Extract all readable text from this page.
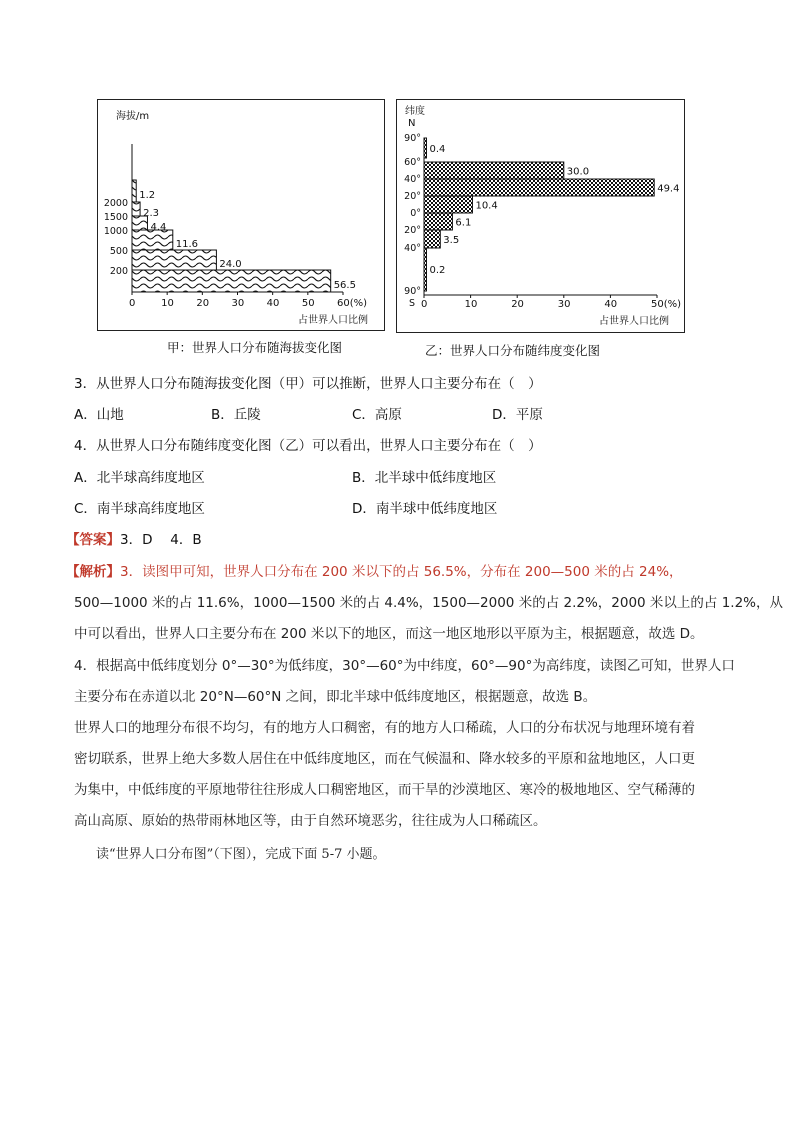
海拔/m
占世界人口比例
56.5
24.0
11.6
4.4
2.3
1.2
0	10 20 30 40 50 60(%)
200
500
1000
1500
2000
甲：世界人口分布随海拔变化图
纬度
N
占世界人口比例
S
0.4
30.0
49.4
10.4
6.1
3.5
0.2
0	10	20	30	40	50(%)
90°
60°
40°
20°
0°
20°
40°
90°
乙：世界人口分布随纬度变化图
3．从世界人口分布随海拔变化图（甲）可以推断，世界人口主要分布在（　）
A．山地	B．丘陵	C．高原	D．平原
4．从世界人口分布随纬度变化图（乙）可以看出，世界人口主要分布在（　）
A．北半球高纬度地区	B．北半球中低纬度地区
C．南半球高纬度地区	D．南半球中低纬度地区
【答案】3．D　 4．B
【解析】3．读图甲可知，世界人口分布在 200 米以下的占 56.5%，分布在 200—500 米的占 24%，
500—1000 米的占 11.6%，1000—1500 米的占 4.4%，1500—2000 米的占 2.2%，2000 米以上的占 1.2%，从
中可以看出，世界人口主要分布在 200 米以下的地区，而这一地区地形以平原为主，根据题意，故选 D。
4．根据高中低纬度划分 0°—30°为低纬度，30°—60°为中纬度，60°—90°为高纬度，读图乙可知，世界人口
主要分布在赤道以北 20°N—60°N 之间，即北半球中低纬度地区，根据题意，故选 B。
世界人口的地理分布很不均匀，有的地方人口稠密，有的地方人口稀疏，人口的分布状况与地理环境有着
密切联系，世界上绝大多数人居住在中低纬度地区，而在气候温和、降水较多的平原和盆地地区，人口更
为集中，中低纬度的平原地带往往形成人口稠密地区，而干旱的沙漠地区、寒冷的极地地区、空气稀薄的
高山高原、原始的热带雨林地区等，由于自然环境恶劣，往往成为人口稀疏区。
读“世界人口分布图”（下图），完成下面 5-7 小题。
